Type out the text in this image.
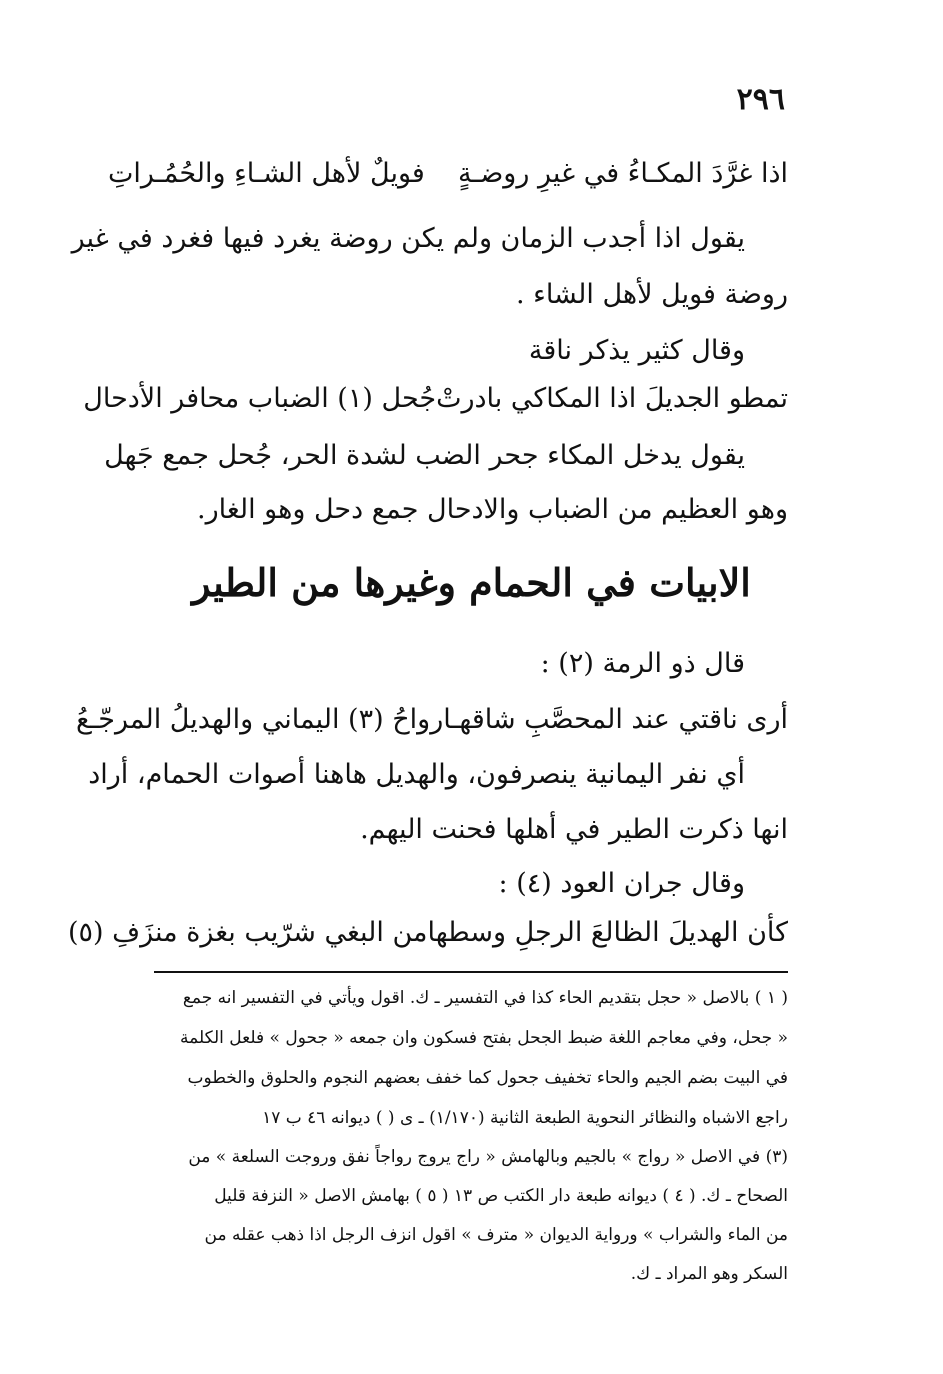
٢٩٦
اذا غرَّدَ المكـاءُ في غيرِ روضـةٍ
فويلٌ لأهل الشـاءِ والحُمُـراتِ
يقول اذا أجدب الزمان ولم يكن روضة يغرد فيها فغرد في غير
روضة فويل لأهل الشاء .
وقال كثير يذكر ناقة
تمطو الجديلَ اذا المكاكي بادرتْ
جُحل (١) الضباب محافر الأدحال
يقول يدخل المكاء جحر الضب لشدة الحر، جُحل جمع جَهل
وهو العظيم من الضباب والادحال جمع دحل وهو الغار.
الابيات في الحمام وغيرها من الطير
قال ذو الرمة (٢) :
أرى ناقتي عند المحصَّبِ شاقهـا
رواحُ (٣) اليماني والهديلُ المرجّـعُ
أي نفر اليمانية ينصرفون، والهديل هاهنا أصوات الحمام، أراد
انها ذكرت الطير في أهلها فحنت اليهم.
وقال جران العود (٤) :
كأن الهديلَ الظالعَ الرجلِ وسطها
من البغي شرّيب بغزة منزَفِ (٥)
( ١ ) بالاصل « حجل بتقديم الحاء كذا في التفسير ـ ك. اقول ويأتي في التفسير انه جمع
« جحل، وفي معاجم اللغة ضبط الجحل بفتح فسكون وان جمعه « جحول » فلعل الكلمة
في البيت بضم الجيم والحاء تخفيف جحول كما خفف بعضهم النجوم والحلوق والخطوب
راجع الاشباه والنظائر النحوية الطبعة الثانية (١/١٧٠) ـ ى ( ) ديوانه ٤٦ ب ١٧
(٣) في الاصل « رواج » بالجيم وبالهامش « راج يروج رواجاً نفق وروجت السلعة » من
الصحاح ـ ك. ( ٤ ) ديوانه طبعة دار الكتب ص ١٣ ( ٥ ) بهامش الاصل « النزفة قليل
من الماء والشراب » ورواية الديوان « مترف » اقول انزف الرجل اذا ذهب عقله من
السكر وهو المراد ـ ك.
